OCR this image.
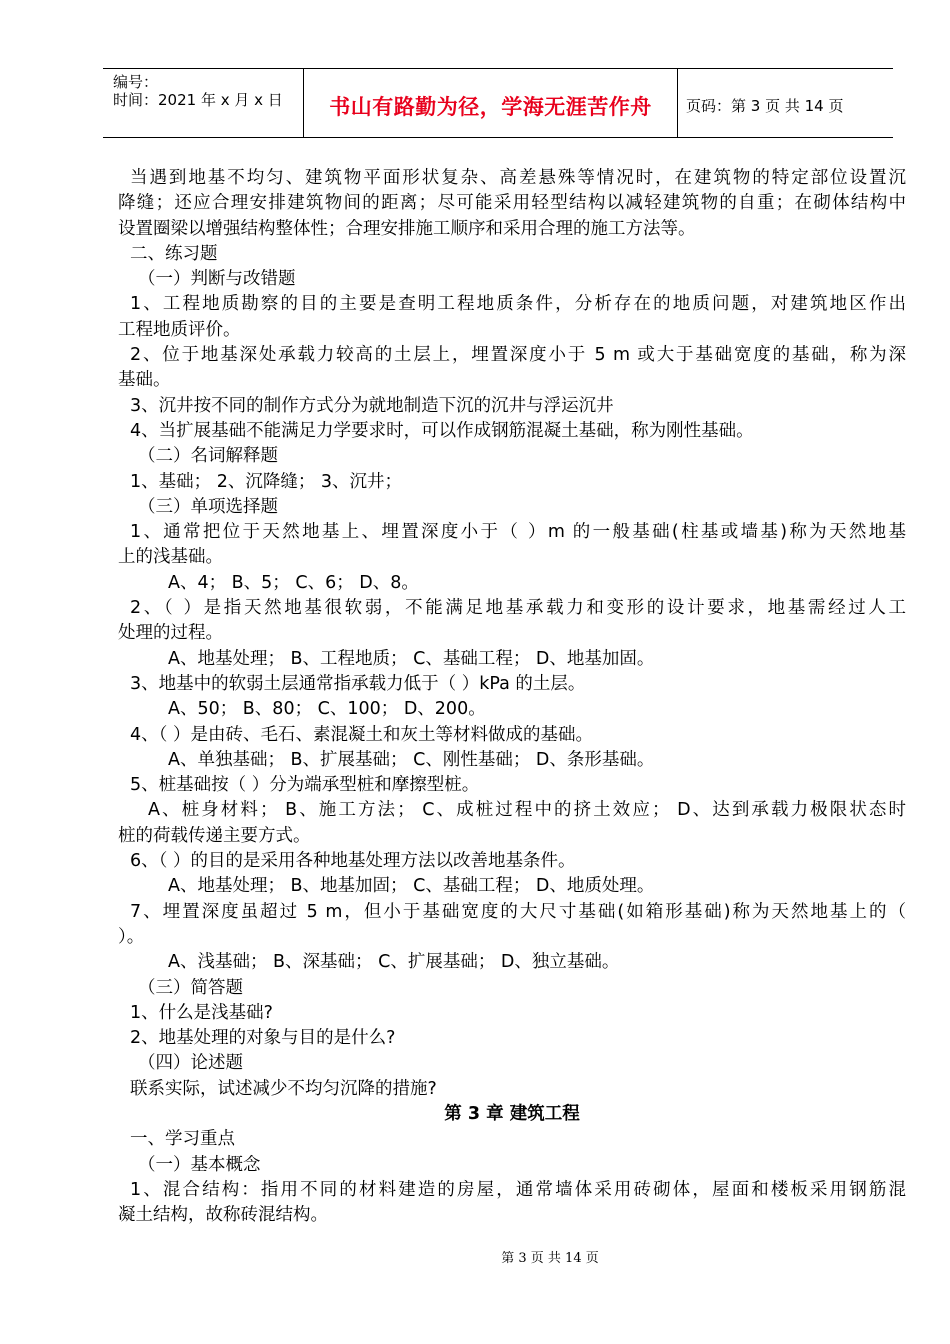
编号：
时间：2021 年 x 月 x 日	书山有路勤为径，学海无涯苦作舟	页码：第 3 页 共 14 页
当遇到地基不均匀、建筑物平面形状复杂、高差悬殊等情况时，在建筑物的特定部位设置沉
降缝；还应合理安排建筑物间的距离；尽可能采用轻型结构以减轻建筑物的自重；在砌体结构中
设置圈梁以增强结构整体性；合理安排施工顺序和采用合理的施工方法等。
二、练习题
（一）判断与改错题
1、工程地质勘察的目的主要是查明工程地质条件，分析存在的地质问题，对建筑地区作出
工程地质评价。
2、位于地基深处承载力较高的土层上，埋置深度小于 5 m 或大于基础宽度的基础，称为深
基础。
3、沉井按不同的制作方式分为就地制造下沉的沉井与浮运沉井
4、当扩展基础不能满足力学要求时，可以作成钢筋混凝土基础，称为刚性基础。
（二）名词解释题
1、基础； 2、沉降缝； 3、沉井；
（三）单项选择题
1、通常把位于天然地基上、埋置深度小于（ ）m 的一般基础(柱基或墙基)称为天然地基
上的浅基础。
A、4； B、5； C、6； D、8。
2、（ ）是指天然地基很软弱，不能满足地基承载力和变形的设计要求，地基需经过人工
处理的过程。
A、地基处理； B、工程地质； C、基础工程； D、地基加固。
3、地基中的软弱土层通常指承载力低于（ ）kPa 的土层。
A、50； B、80； C、100； D、200。
4、（ ）是由砖、毛石、素混凝土和灰土等材料做成的基础。
A、单独基础； B、扩展基础； C、刚性基础； D、条形基础。
5、桩基础按（ ）分为端承型桩和摩擦型桩。
A、桩身材料； B、施工方法； C、成桩过程中的挤土效应； D、达到承载力极限状态时
桩的荷载传递主要方式。
6、（ ）的目的是采用各种地基处理方法以改善地基条件。
A、地基处理； B、地基加固； C、基础工程； D、地质处理。
7、埋置深度虽超过 5 m，但小于基础宽度的大尺寸基础(如箱形基础)称为天然地基上的（
）。
A、浅基础； B、深基础； C、扩展基础； D、独立基础。
（三）简答题
1、什么是浅基础?
2、地基处理的对象与目的是什么?
（四）论述题
联系实际，试述减少不均匀沉降的措施?
第 3 章 建筑工程
一、学习重点
（一）基本概念
1、混合结构：指用不同的材料建造的房屋，通常墙体采用砖砌体，屋面和楼板采用钢筋混
凝土结构，故称砖混结构。
第 3 页 共 14 页
